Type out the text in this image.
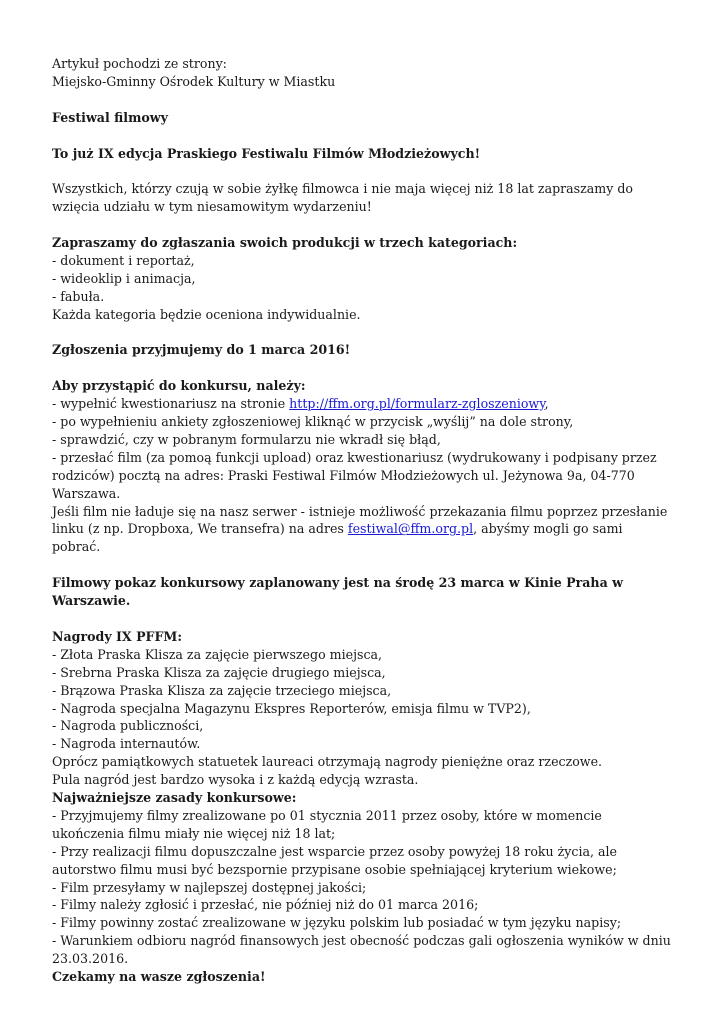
Artykuł pochodzi ze strony:
Miejsko-Gminny Ośrodek Kultury w Miastku
Festiwal filmowy
To już IX edycja Praskiego Festiwalu Filmów Młodzieżowych!
Wszystkich, którzy czują w sobie żyłkę filmowca i nie maja więcej niż 18 lat zapraszamy do wzięcia udziału w tym niesamowitym wydarzeniu!
Zapraszamy do zgłaszania swoich produkcji w trzech kategoriach:
- dokument i reportaż,
- wideoklip i animacja,
- fabuła.
Każda kategoria będzie oceniona indywidualnie.
Zgłoszenia przyjmujemy do 1 marca 2016!
Aby przystąpić do konkursu, należy:
- wypełnić kwestionariusz na stronie http://ffm.org.pl/formularz-zgloszeniowy,
- po wypełnieniu ankiety zgłoszeniowej kliknąć w przycisk „wyślij” na dole strony,
- sprawdzić, czy w pobranym formularzu nie wkradł się błąd,
- przesłać film (za pomoą funkcji upload) oraz kwestionariusz (wydrukowany i podpisany przez rodziców) pocztą na adres: Praski Festiwal Filmów Młodzieżowych ul. Jeżynowa 9a, 04-770 Warszawa.
Jeśli film nie ładuje się na nasz serwer - istnieje możliwość przekazania filmu poprzez przesłanie linku (z np. Dropboxa, We transefra) na adres festiwal@ffm.org.pl, abyśmy mogli go sami pobrać.
Filmowy pokaz konkursowy zaplanowany jest na środę 23 marca w Kinie Praha w Warszawie.
Nagrody IX PFFM:
- Złota Praska Klisza za zajęcie pierwszego miejsca,
- Srebrna Praska Klisza za zajęcie drugiego miejsca,
- Brązowa Praska Klisza za zajęcie trzeciego miejsca,
- Nagroda specjalna Magazynu Ekspres Reporterów, emisja filmu w TVP2),
- Nagroda publiczności,
- Nagroda internautów.
Oprócz pamiątkowych statuetek laureaci otrzymają nagrody pieniężne oraz rzeczowe.
Pula nagród jest bardzo wysoka i z każdą edycją wzrasta.
Najważniejsze zasady konkursowe:
- Przyjmujemy filmy zrealizowane po 01 stycznia 2011 przez osoby, które w momencie ukończenia filmu miały nie więcej niż 18 lat;
- Przy realizacji filmu dopuszczalne jest wsparcie przez osoby powyżej 18 roku życia, ale autorstwo filmu musi być bezspornie przypisane osobie spełniającej kryterium wiekowe;
- Film przesyłamy w najlepszej dostępnej jakości;
- Filmy należy zgłosić i przesłać, nie później niż do 01 marca 2016;
- Filmy powinny zostać zrealizowane w języku polskim lub posiadać w tym języku napisy;
- Warunkiem odbioru nagród finansowych jest obecność podczas gali ogłoszenia wyników w dniu 23.03.2016.
Czekamy na wasze zgłoszenia!
